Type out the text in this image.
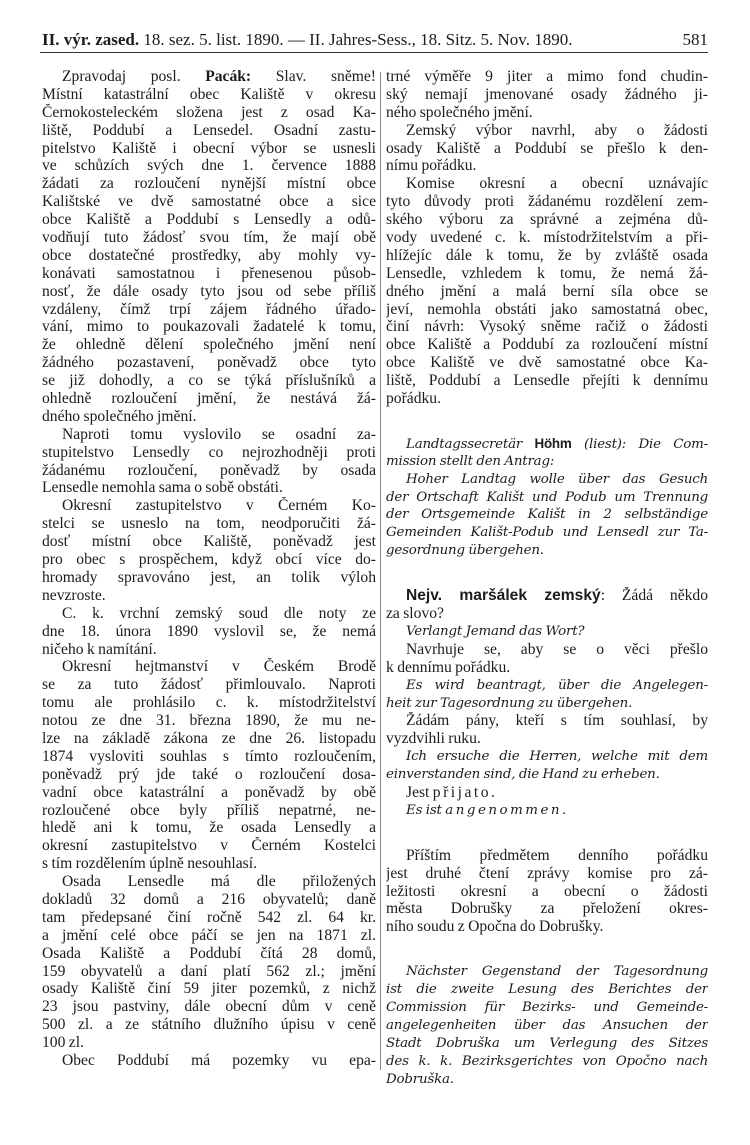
II. výr. zased. 18. sez. 5. list. 1890. — II. Jahres-Sess., 18. Sitz. 5. Nov. 1890.	581
Zpravodaj posl. Pacák: Slav. sněme!
Místní katastrální obec Kaliště v okresu
Černokosteleckém složena jest z osad Ka-
liště, Poddubí a Lensedel. Osadní zastu-
pitelstvo Kaliště i obecní výbor se usnesli
ve schůzích svých dne 1. července 1888
žádati za rozloučení nynější místní obce
Kalištské ve dvě samostatné obce a sice
obce Kaliště a Poddubí s Lensedly a odů-
vodňují tuto žádosť svou tím, že mají obě
obce dostatečné prostředky, aby mohly vy-
konávati samostatnou i přenesenou působ-
nosť, že dále osady tyto jsou od sebe příliš
vzdáleny, čímž trpí zájem řádného úřado-
vání, mimo to poukazovali žadatelé k tomu,
že ohledně dělení společného jmění není
žádného pozastavení, poněvadž obce tyto
se již dohodly, a co se týká příslušníků a
ohledně rozloučení jmění, že nestává žá-
dného společného jmění.
Naproti tomu vyslovilo se osadní za-
stupitelstvo Lensedly co nejrozhodněji proti
žádanému rozloučení, poněvadž by osada
Lensedle nemohla sama o sobě obstáti.
Okresní zastupitelstvo v Černém Ko-
stelci se usneslo na tom, neodporučiti žá-
dosť místní obce Kaliště, poněvadž jest
pro obec s prospěchem, když obcí více do-
hromady spravováno jest, an tolik výloh
nevzroste.
C. k. vrchní zemský soud dle noty ze
dne 18. února 1890 vyslovil se, že nemá
ničeho k namítání.
Okresní hejtmanství v Českém Brodě
se za tuto žádosť přimlouvalo. Naproti
tomu ale prohlásilo c. k. místodržitelství
notou ze dne 31. března 1890, že mu ne-
lze na základě zákona ze dne 26. listopadu
1874 vysloviti souhlas s tímto rozloučením,
poněvadž prý jde také o rozloučení dosa-
vadní obce katastrální a poněvadž by obě
rozloučené obce byly příliš nepatrné, ne-
hledě ani k tomu, že osada Lensedly a
okresní zastupitelstvo v Černém Kostelci
s tím rozdělením úplně nesouhlasí.
Osada Lensedle má dle přiložených
dokladů 32 domů a 216 obyvatelů; daně
tam předepsané činí ročně 542 zl. 64 kr.
a jmění celé obce páčí se jen na 1871 zl.
Osada Kaliště a Poddubí čítá 28 domů,
159 obyvatelů a daní platí 562 zl.; jmění
osady Kaliště činí 59 jiter pozemků, z nichž
23 jsou pastviny, dále obecní dům v ceně
500 zl. a ze státního dlužního úpisu v ceně
100 zl.
Obec Poddubí má pozemky vu epa-
trné výměře 9 jiter a mimo fond chudin-
ský nemají jmenované osady žádného ji-
ného společného jmění.
Zemský výbor navrhl, aby o žádosti
osady Kaliště a Poddubí se přešlo k den-
nímu pořádku.
Komise okresní a obecní uznávajíc
tyto důvody proti žádanému rozdělení zem-
ského výboru za správné a zejména dů-
vody uvedené c. k. místodržitelstvím a při-
hlížejíc dále k tomu, že by zvláště osada
Lensedle, vzhledem k tomu, že nemá žá-
dného jmění a malá berní síla obce se
jeví, nemohla obstáti jako samostatná obec,
činí návrh: Vysoký sněme račiž o žádosti
obce Kaliště a Poddubí za rozloučení místní
obce Kaliště ve dvě samostatné obce Ka-
liště, Poddubí a Lensedle přejíti k dennímu
pořádku.
Landtagssecretär Höhm (liest): Die Com-
mission stellt den Antrag:
Hoher Landtag wolle über das Gesuch
der Ortschaft Kališt und Podub um Trennung
der Ortsgemeinde Kališt in 2 selbständige
Gemeinden Kališt-Podub und Lensedl zur Ta-
gesordnung übergehen.
Nejv. maršálek zemský: Žádá někdo
za slovo?
Verlangt Jemand das Wort?
Navrhuje se, aby se o věci přešlo
k dennímu pořádku.
Es wird beantragt, über die Angelegen-
heit zur Tagesordnung zu übergehen.
Žádám pány, kteří s tím souhlasí, by
vyzdvihli ruku.
Ich ersuche die Herren, welche mit dem
einverstanden sind, die Hand zu erheben.
Jest přijato.
Es ist angenommen.
Příštím předmětem denního pořádku
jest druhé čtení zprávy komise pro zá-
ležitosti okresní a obecní o žádosti
města Dobrušky za přeložení okres-
ního soudu z Opočna do Dobrušky.
Nächster Gegenstand der Tagesordnung
ist die zweite Lesung des Berichtes der
Commission für Bezirks- und Gemeinde-
angelegenheiten über das Ansuchen der
Stadt Dobruška um Verlegung des Sitzes
des k. k. Bezirksgerichtes von Opočno nach
Dobruška.
